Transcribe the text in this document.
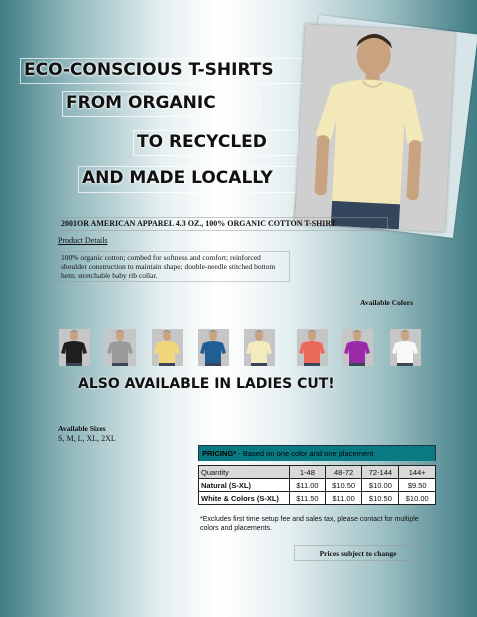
ECO-CONSCIOUS T-SHIRTS
FROM ORGANIC
TO RECYCLED
AND MADE LOCALLY
2001OR AMERICAN APPAREL 4.3 OZ., 100% ORGANIC COTTON T-SHIRT
Product Details
100% organic cotton; combed for softness and comfort; reinforced shoulder construction to maintain shape; double-needle stitched bottom hem; stretchable baby rib collar.
Available Colors
ALSO AVAILABLE IN LADIES CUT!
Available Sizes
S, M, L, XL, 2XL
PRICING* - Based on one color and one placement
Quantity	1-48	48-72	72-144	144+
Natural (S-XL)	$11.00	$10.50	$10.00	$9.50
White & Colors (S-XL)	$11.50	$11.00	$10.50	$10.00
*Excludes first time setup fee and sales tax, please contact for multiple colors and placements.
Prices subject to change
